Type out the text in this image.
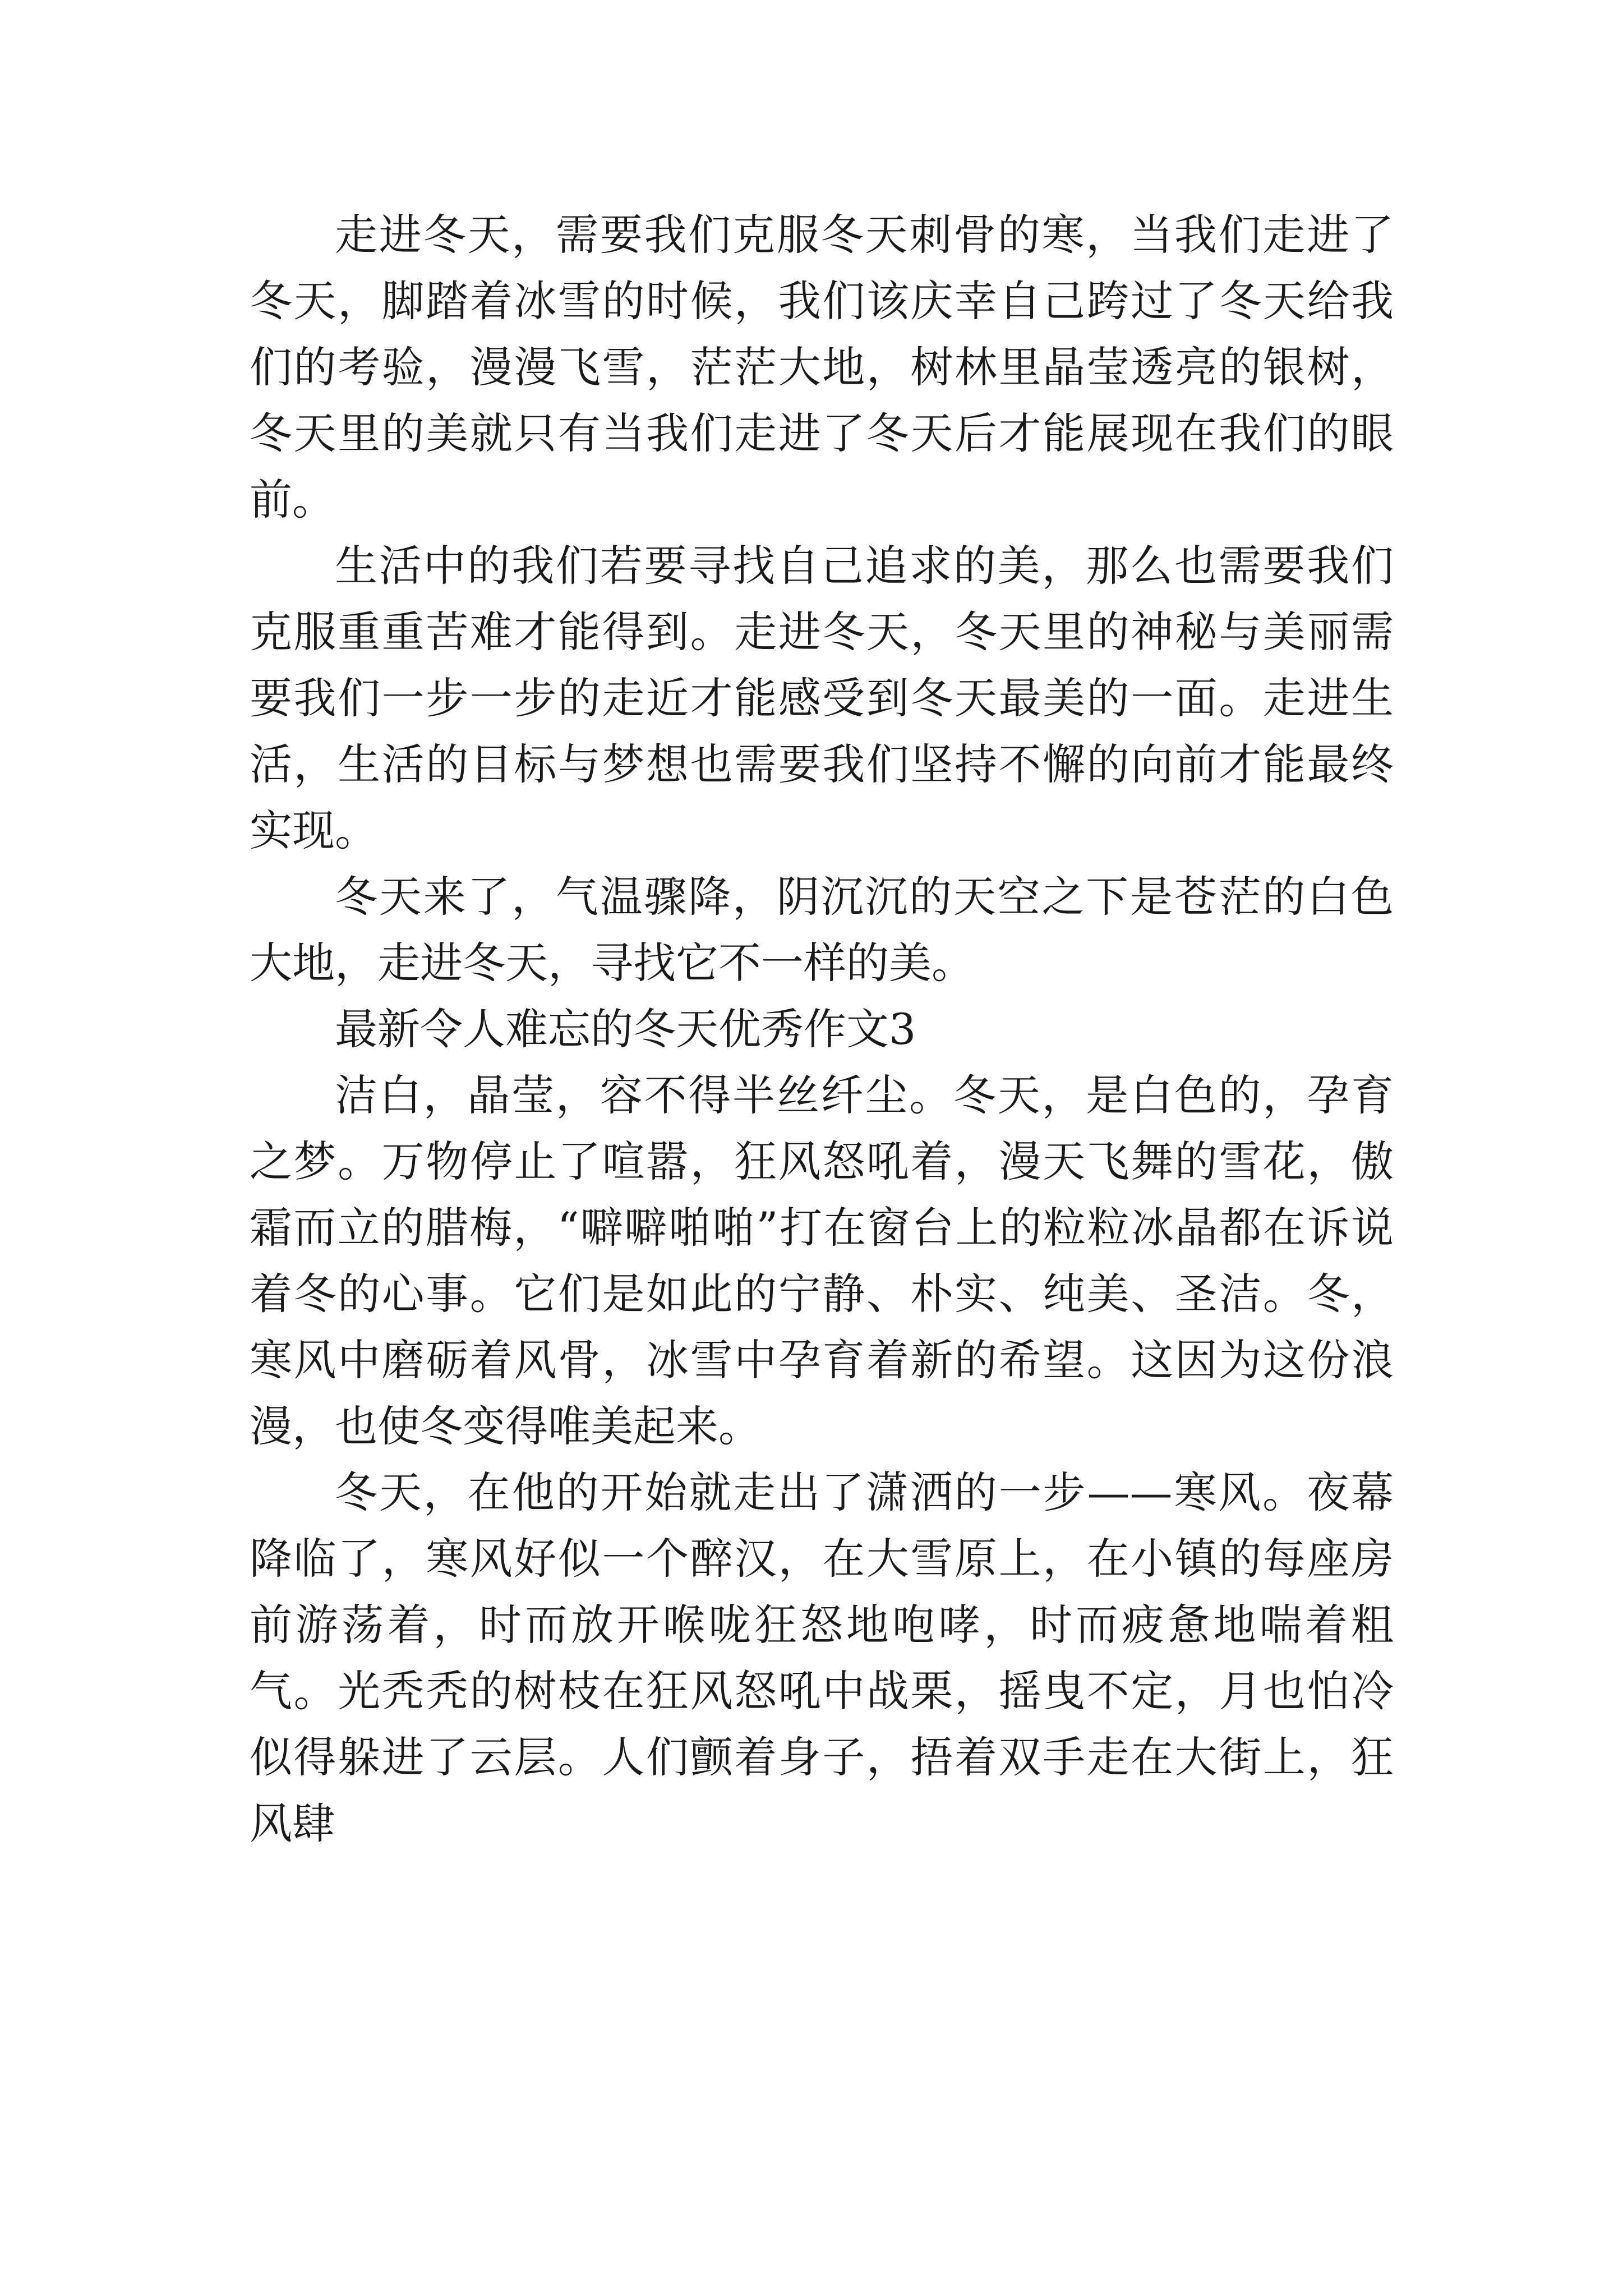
走进冬天，需要我们克服冬天刺骨的寒，当我们走进了冬天，脚踏着冰雪的时候，我们该庆幸自己跨过了冬天给我们的考验，漫漫飞雪，茫茫大地，树林里晶莹透亮的银树，冬天里的美就只有当我们走进了冬天后才能展现在我们的眼前。

生活中的我们若要寻找自己追求的美，那么也需要我们克服重重苦难才能得到。走进冬天，冬天里的神秘与美丽需要我们一步一步的走近才能感受到冬天最美的一面。走进生活，生活的目标与梦想也需要我们坚持不懈的向前才能最终实现。

冬天来了，气温骤降，阴沉沉的天空之下是苍茫的白色大地，走进冬天，寻找它不一样的美。

最新令人难忘的冬天优秀作文3

洁白，晶莹，容不得半丝纤尘。冬天，是白色的，孕育之梦。万物停止了喧嚣，狂风怒吼着，漫天飞舞的雪花，傲霜而立的腊梅，“噼噼啪啪”打在窗台上的粒粒冰晶都在诉说着冬的心事。它们是如此的宁静、朴实、纯美、圣洁。冬，寒风中磨砺着风骨，冰雪中孕育着新的希望。这因为这份浪漫，也使冬变得唯美起来。

冬天，在他的开始就走出了潇洒的一步——寒风。夜幕降临了，寒风好似一个醉汉，在大雪原上，在小镇的每座房前游荡着，时而放开喉咙狂怒地咆哮，时而疲惫地喘着粗气。光秃秃的树枝在狂风怒吼中战栗，摇曳不定，月也怕冷似得躲进了云层。人们颤着身子，捂着双手走在大街上，狂风肆
